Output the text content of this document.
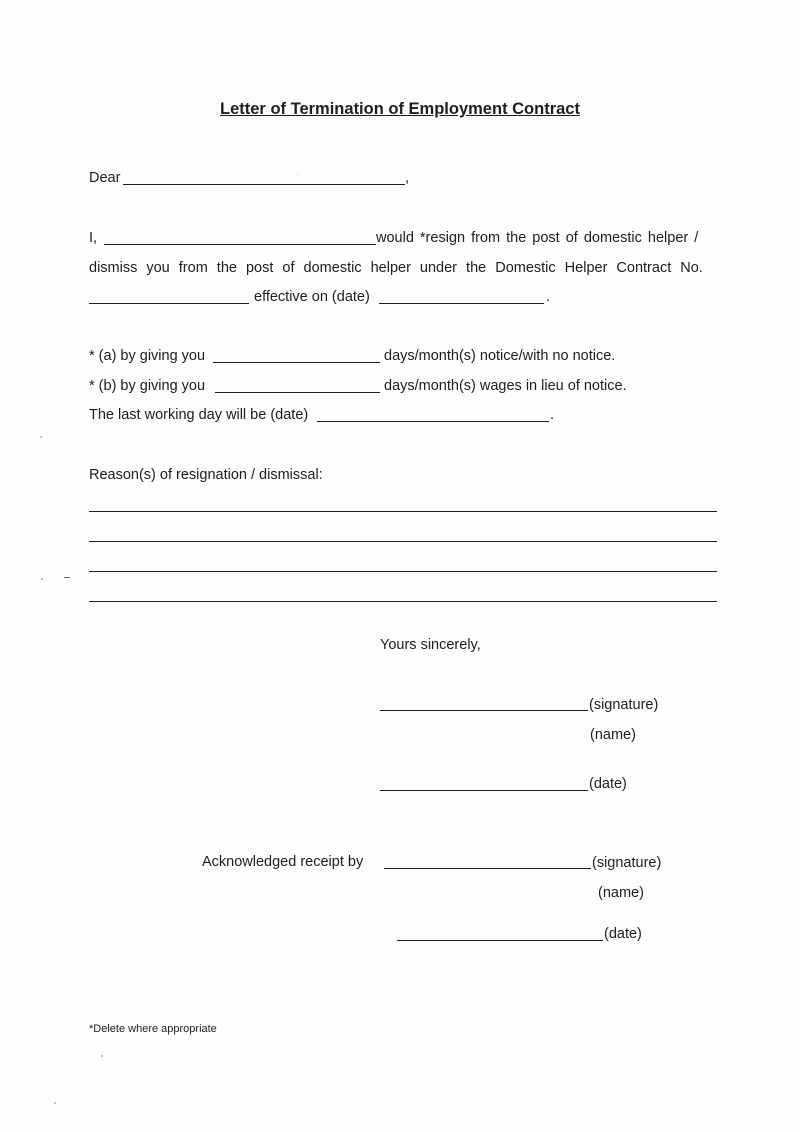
Letter of Termination of Employment Contract
Dear	,
I,	would *resign from the post of domestic helper /
dismiss you from the post of domestic helper under the Domestic Helper Contract No.
effective on (date)	.
* (a) by giving you	days/month(s) notice/with no notice.
* (b) by giving you	days/month(s) wages in lieu of notice.
The last working day will be (date)	.
Reason(s) of resignation / dismissal:
Yours sincerely,
(signature)
(name)
(date)
Acknowledged receipt by	(signature)
(name)
(date)
*Delete where appropriate
